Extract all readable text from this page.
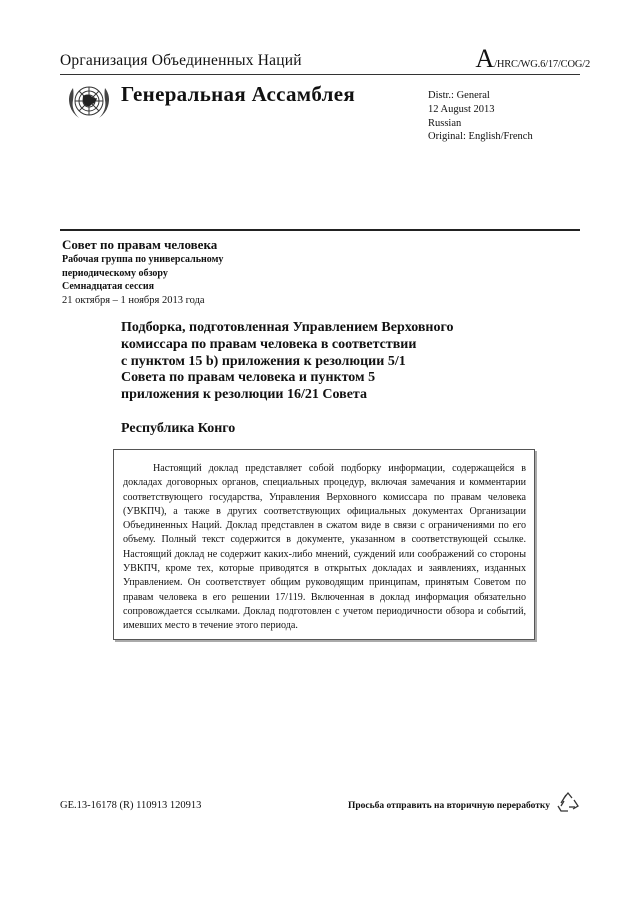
Организация Объединенных Наций	A/HRC/WG.6/17/COG/2
Генеральная Ассамблея	Distr.: General
12 August 2013
Russian
Original: English/French
Совет по правам человека
Рабочая группа по универсальному
периодическому обзору
Семнадцатая сессия
21 октября – 1 ноября 2013 года
Подборка, подготовленная Управлением Верховного
комиссара по правам человека в соответствии
с пунктом 15 b) приложения к резолюции 5/1
Совета по правам человека и пунктом 5
приложения к резолюции 16/21 Совета
Республика Конго
Настоящий доклад представляет собой подборку информации, содержащейся в докладах договорных органов, специальных процедур, включая замечания и комментарии соответствующего государства, Управления Верховного комиссара по правам человека (УВКПЧ), а также в других соответствующих официальных документах Организации Объединенных Наций. Доклад представлен в сжатом виде в связи с ограничениями по его объему. Полный текст содержится в документе, указанном в соответствующей ссылке. Настоящий доклад не содержит каких-либо мнений, суждений или соображений со стороны УВКПЧ, кроме тех, которые приводятся в открытых докладах и заявлениях, изданных Управлением. Он соответствует общим руководящим принципам, принятым Советом по правам человека в его решении 17/119. Включенная в доклад информация обязательно сопровождается ссылками. Доклад подготовлен с учетом периодичности обзора и событий, имевших место в течение этого периода.
GE.13-16178 (R) 110913 120913	Просьба отправить на вторичную переработку
